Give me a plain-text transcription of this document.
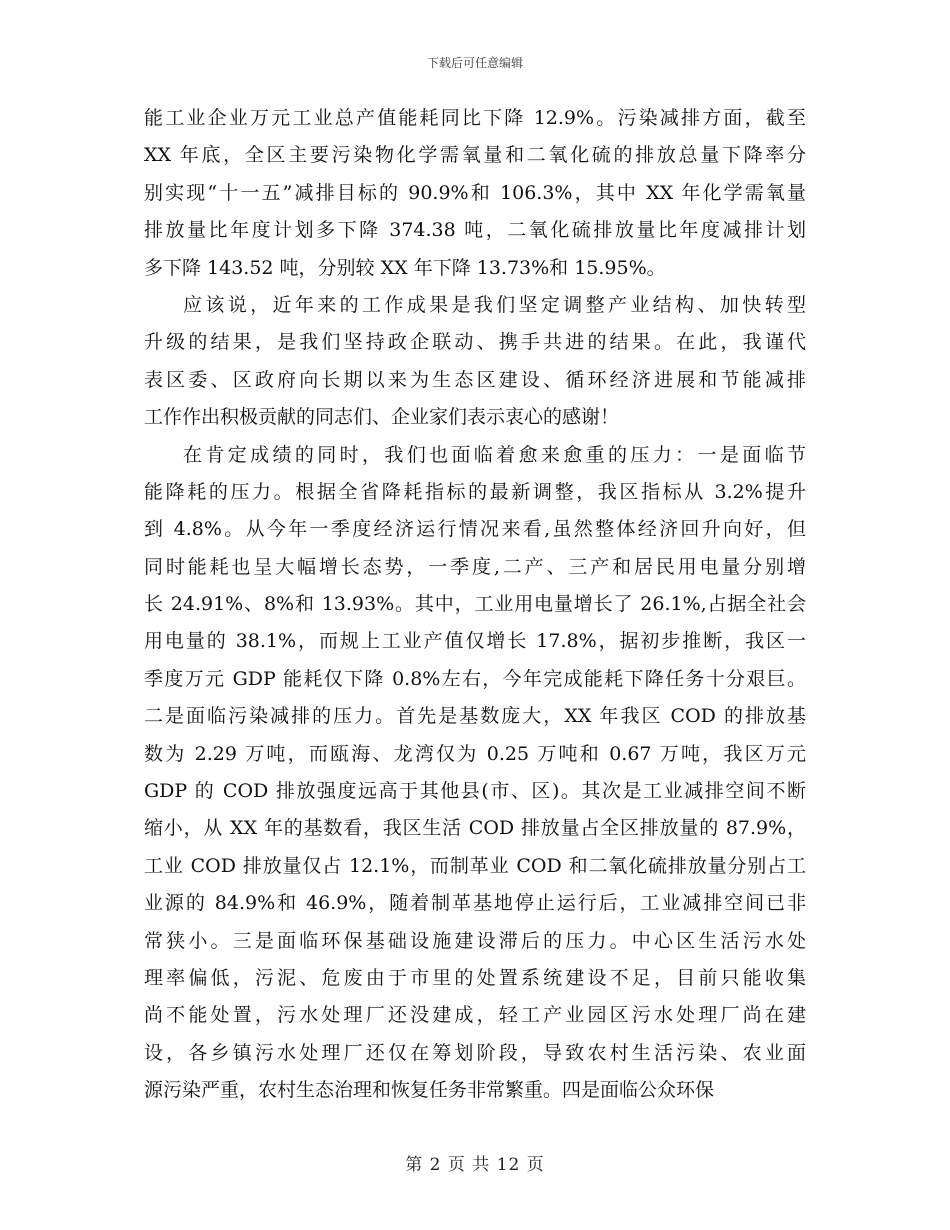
下载后可任意编辑
能工业企业万元工业总产值能耗同比下降 12.9%。污染减排方面，截至
XX 年底，全区主要污染物化学需氧量和二氧化硫的排放总量下降率分
别实现“十一五”减排目标的 90.9%和 106.3%，其中 XX 年化学需氧量
排放量比年度计划多下降 374.38 吨，二氧化硫排放量比年度减排计划
多下降 143.52 吨，分别较 XX 年下降 13.73%和 15.95%。
应该说，近年来的工作成果是我们坚定调整产业结构、加快转型
升级的结果，是我们坚持政企联动、携手共进的结果。在此，我谨代
表区委、区政府向长期以来为生态区建设、循环经济进展和节能减排
工作作出积极贡献的同志们、企业家们表示衷心的感谢！
在肯定成绩的同时，我们也面临着愈来愈重的压力：一是面临节
能降耗的压力。根据全省降耗指标的最新调整，我区指标从 3.2%提升
到 4.8%。从今年一季度经济运行情况来看,虽然整体经济回升向好，但
同时能耗也呈大幅增长态势，一季度,二产、三产和居民用电量分别增
长 24.91%、8%和 13.93%。其中，工业用电量增长了 26.1%,占据全社会
用电量的 38.1%，而规上工业产值仅增长 17.8%，据初步推断，我区一
季度万元 GDP 能耗仅下降 0.8%左右，今年完成能耗下降任务十分艰巨。
二是面临污染减排的压力。首先是基数庞大，XX 年我区 COD 的排放基
数为 2.29 万吨，而瓯海、龙湾仅为 0.25 万吨和 0.67 万吨，我区万元
GDP 的 COD 排放强度远高于其他县(市、区)。其次是工业减排空间不断
缩小，从 XX 年的基数看，我区生活 COD 排放量占全区排放量的 87.9%，
工业 COD 排放量仅占 12.1%，而制革业 COD 和二氧化硫排放量分别占工
业源的 84.9%和 46.9%，随着制革基地停止运行后，工业减排空间已非
常狭小。三是面临环保基础设施建设滞后的压力。中心区生活污水处
理率偏低，污泥、危废由于市里的处置系统建设不足，目前只能收集
尚不能处置，污水处理厂还没建成，轻工产业园区污水处理厂尚在建
设，各乡镇污水处理厂还仅在筹划阶段，导致农村生活污染、农业面
源污染严重，农村生态治理和恢复任务非常繁重。四是面临公众环保
第 2 页 共 12 页
